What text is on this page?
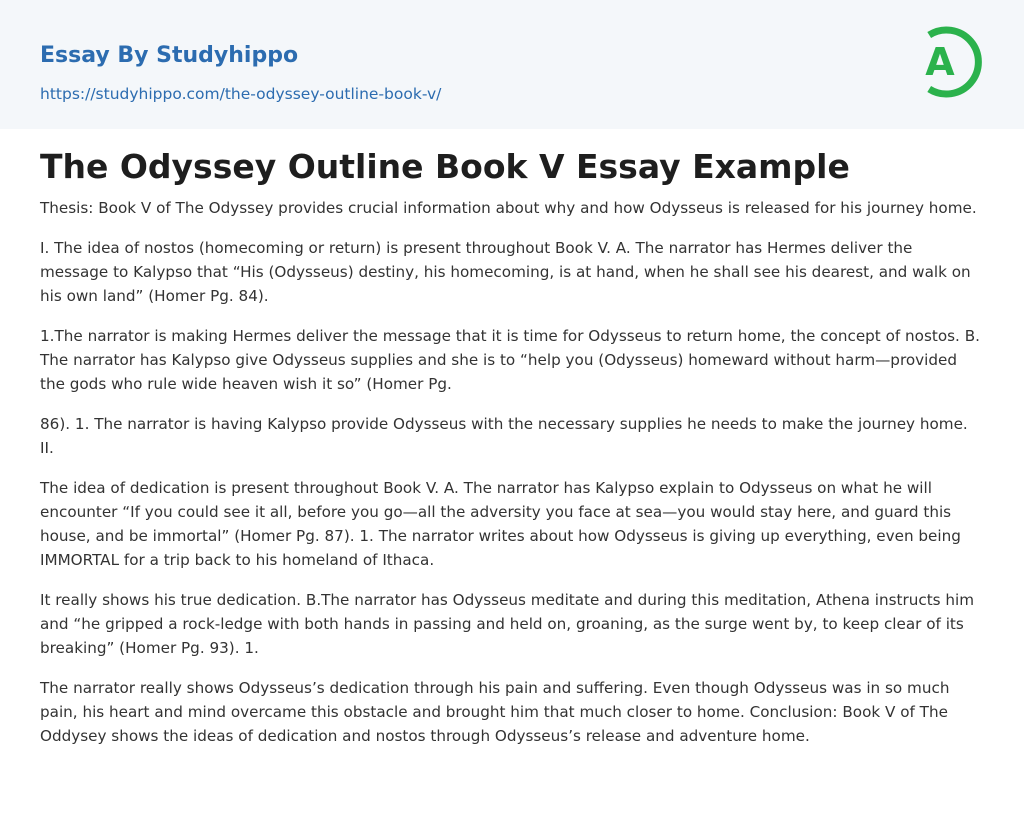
Essay By Studyhippo
https://studyhippo.com/the-odyssey-outline-book-v/
A
The Odyssey Outline Book V Essay Example

Thesis: Book V of The Odyssey provides crucial information about why and how Odysseus is released for his journey home.

I. The idea of nostos (homecoming or return) is present throughout Book V. A. The narrator has Hermes deliver the message to Kalypso that “His (Odysseus) destiny, his homecoming, is at hand, when he shall see his dearest, and walk on his own land” (Homer Pg. 84).

1.The narrator is making Hermes deliver the message that it is time for Odysseus to return home, the concept of nostos. B. The narrator has Kalypso give Odysseus supplies and she is to “help you (Odysseus) homeward without harm—provided the gods who rule wide heaven wish it so” (Homer Pg.

86). 1. The narrator is having Kalypso provide Odysseus with the necessary supplies he needs to make the journey home. II.

The idea of dedication is present throughout Book V. A. The narrator has Kalypso explain to Odysseus on what he will encounter “If you could see it all, before you go—all the adversity you face at sea—you would stay here, and guard this house, and be immortal” (Homer Pg. 87). 1. The narrator writes about how Odysseus is giving up everything, even being IMMORTAL for a trip back to his homeland of Ithaca.

It really shows his true dedication. B.The narrator has Odysseus meditate and during this meditation, Athena instructs him and “he gripped a rock-ledge with both hands in passing and held on, groaning, as the surge went by, to keep clear of its breaking” (Homer Pg. 93). 1.

The narrator really shows Odysseus’s dedication through his pain and suffering. Even though Odysseus was in so much pain, his heart and mind overcame this obstacle and brought him that much closer to home. Conclusion: Book V of The Oddysey shows the ideas of dedication and nostos through Odysseus’s release and adventure home.
